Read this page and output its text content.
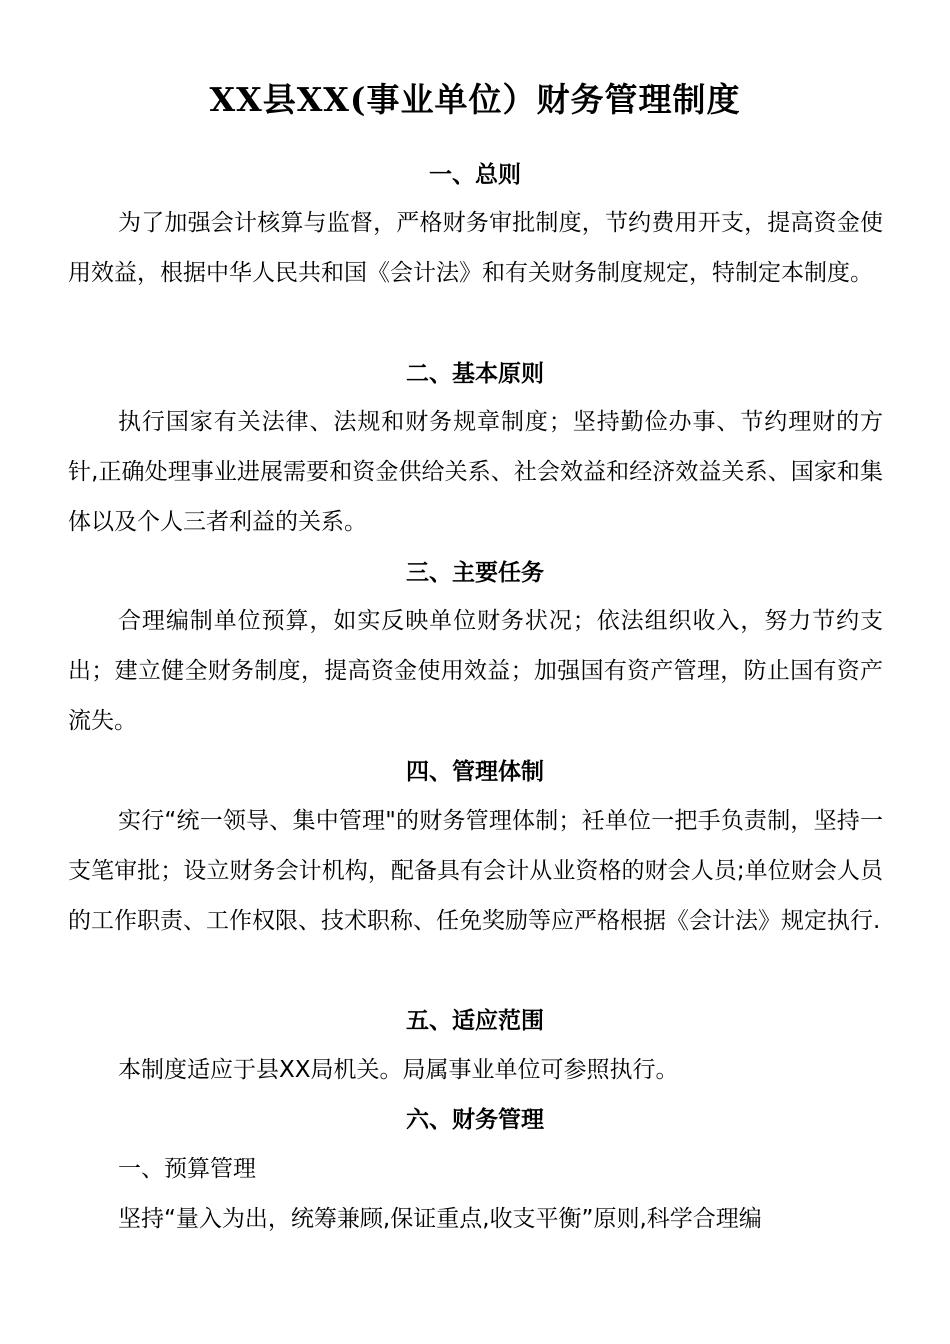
XX县XX(事业单位）财务管理制度
一、总则

为了加强会计核算与监督，严格财务审批制度，节约费用开支，提高资金使用效益，根据中华人民共和国《会计法》和有关财务制度规定，特制定本制度。

二、基本原则

执行国家有关法律、法规和财务规章制度；坚持勤俭办事、节约理财的方针,正确处理事业进展需要和资金供给关系、社会效益和经济效益关系、国家和集体以及个人三者利益的关系。

三、主要任务

合理编制单位预算，如实反映单位财务状况；依法组织收入，努力节约支出；建立健全财务制度，提高资金使用效益；加强国有资产管理，防止国有资产流失。

四、管理体制

实行“统一领导、集中管理"的财务管理体制；衽单位一把手负责制，坚持一支笔审批；设立财务会计机构，配备具有会计从业资格的财会人员;单位财会人员的工作职责、工作权限、技术职称、任免奖励等应严格根据《会计法》规定执行.

五、适应范围

本制度适应于县XX局机关。局属事业单位可参照执行。

六、财务管理

一、预算管理

坚持“量入为出，统筹兼顾,保证重点,收支平衡”原则,科学合理编
